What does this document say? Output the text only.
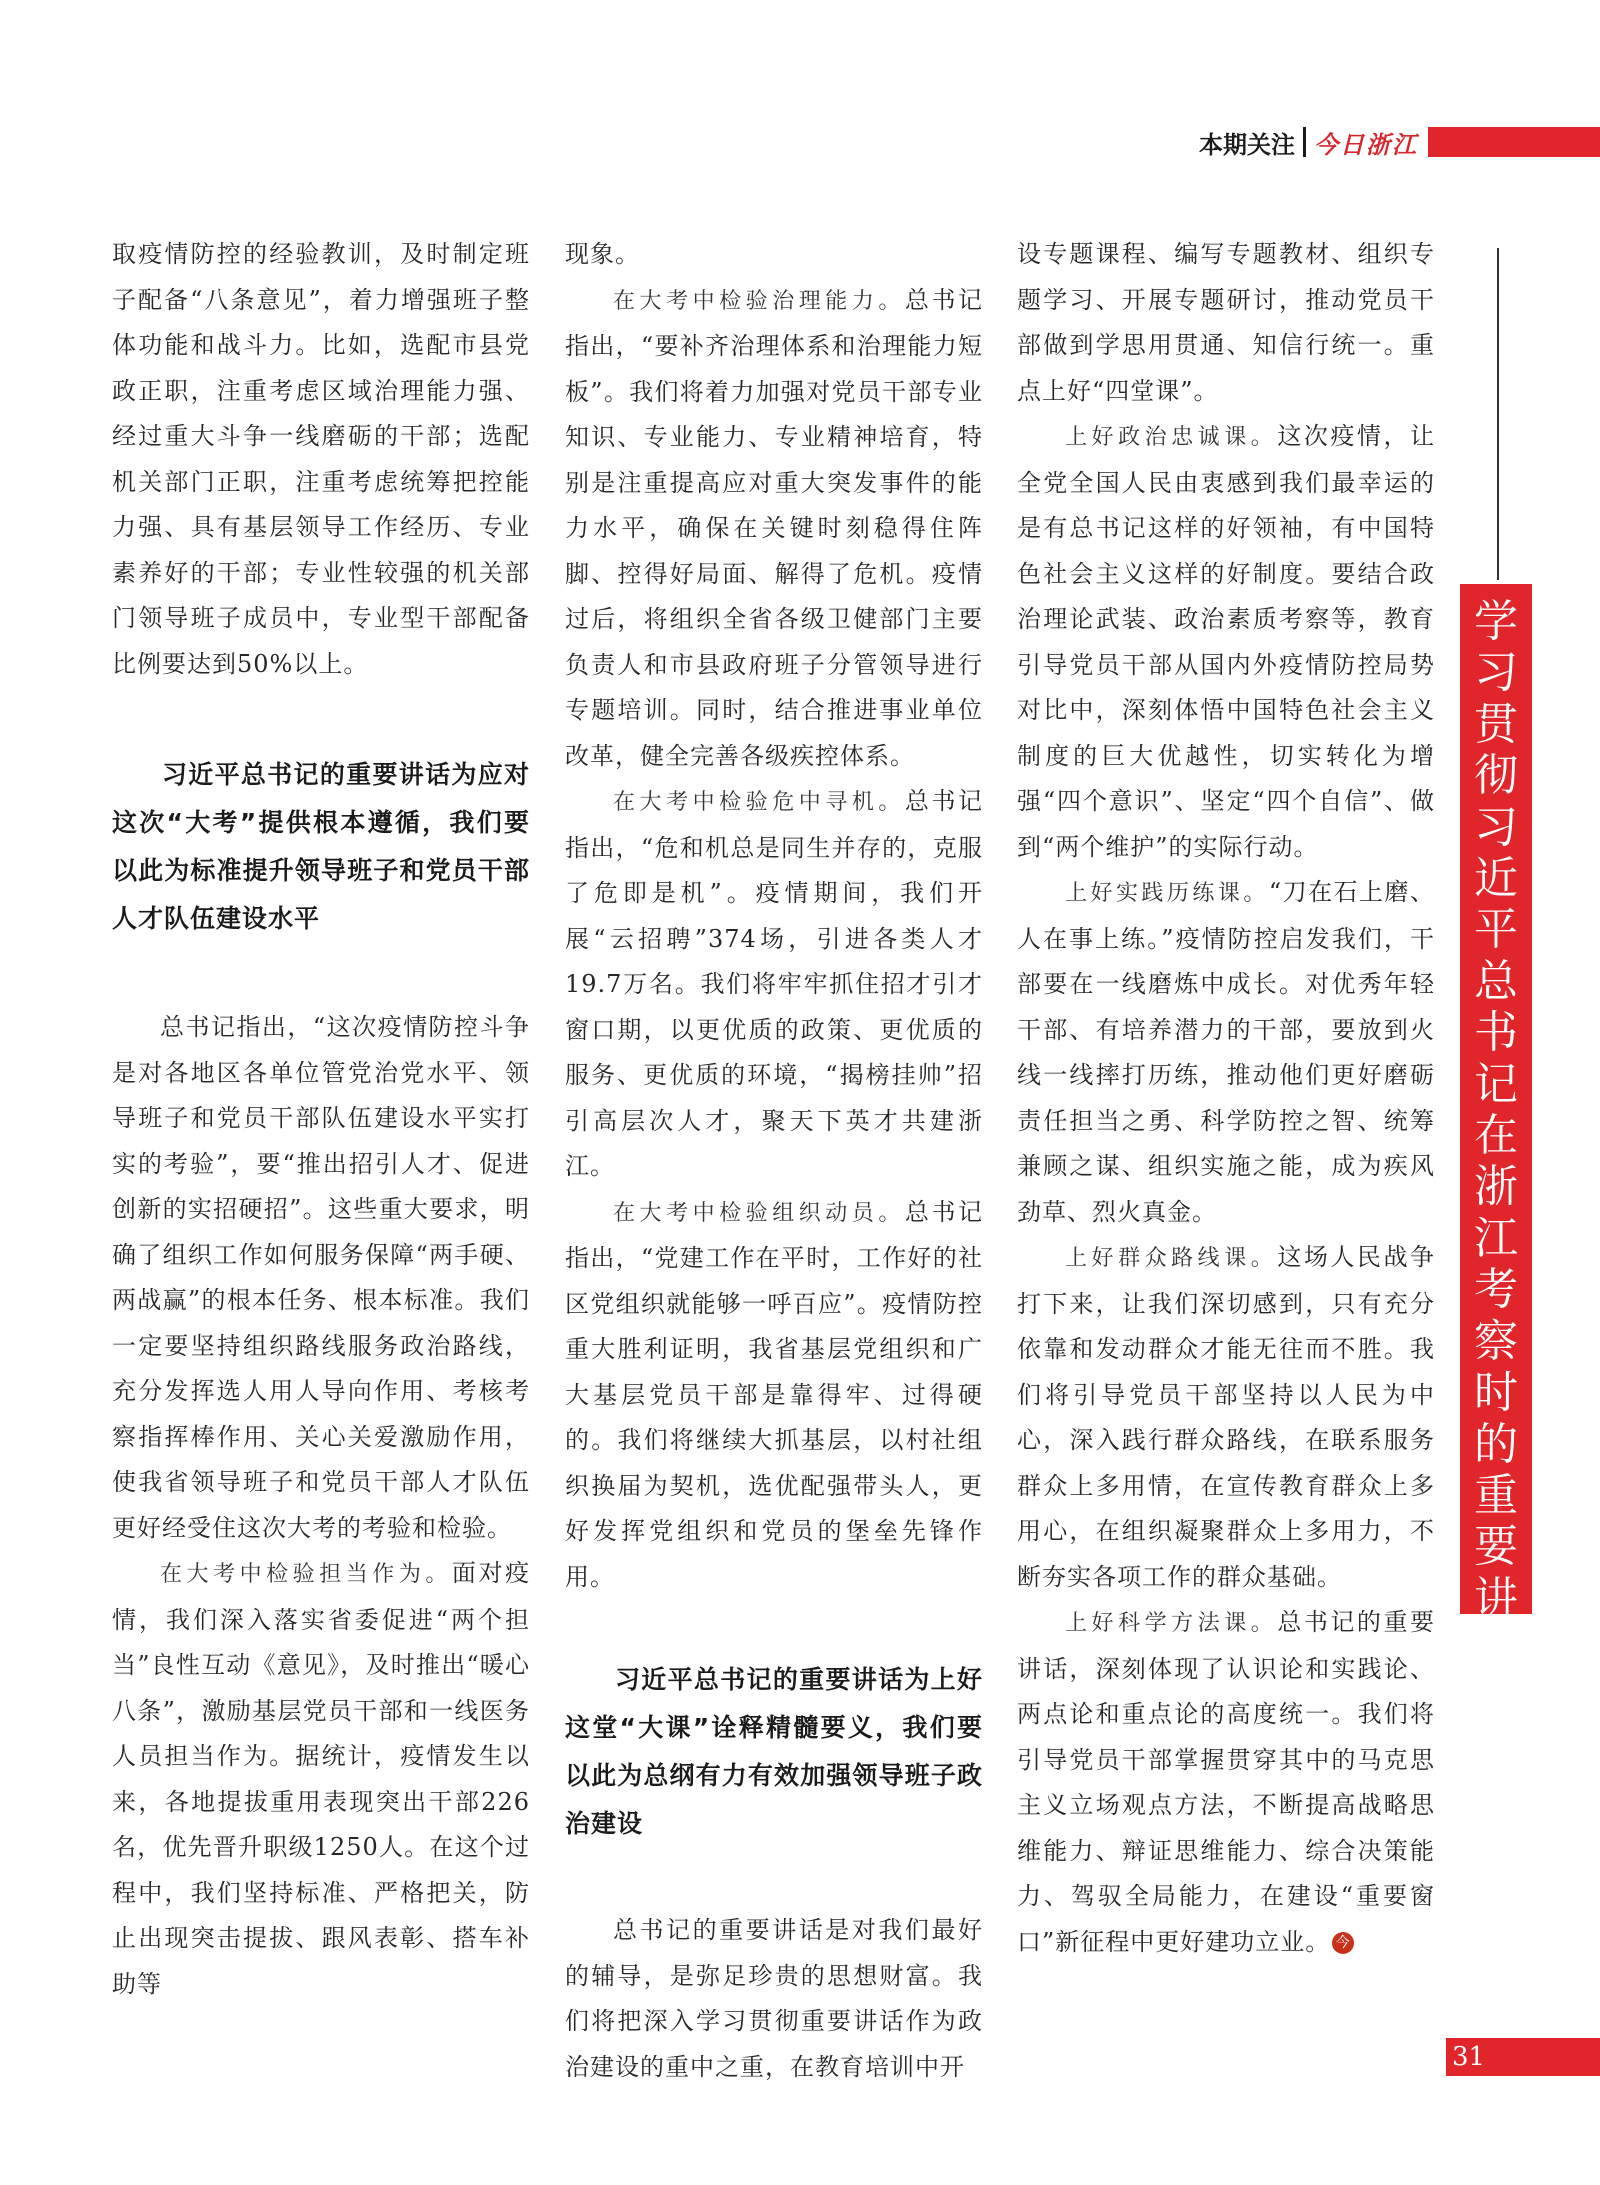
本期关注 今日浙江

取疫情防控的经验教训，及时制定班子配备“八条意见”，着力增强班子整体功能和战斗力。比如，选配市县党政正职，注重考虑区域治理能力强、经过重大斗争一线磨砺的干部；选配机关部门正职，注重考虑统筹把控能力强、具有基层领导工作经历、专业素养好的干部；专业性较强的机关部门领导班子成员中，专业型干部配备比例要达到50%以上。

习近平总书记的重要讲话为应对这次“大考”提供根本遵循，我们要以此为标准提升领导班子和党员干部人才队伍建设水平

总书记指出，“这次疫情防控斗争是对各地区各单位管党治党水平、领导班子和党员干部队伍建设水平实打实的考验”，要“推出招引人才、促进创新的实招硬招”。这些重大要求，明确了组织工作如何服务保障“两手硬、两战赢”的根本任务、根本标准。我们一定要坚持组织路线服务政治路线，充分发挥选人用人导向作用、考核考察指挥棒作用、关心关爱激励作用，使我省领导班子和党员干部人才队伍更好经受住这次大考的考验和检验。

在大考中检验担当作为。面对疫情，我们深入落实省委促进“两个担当”良性互动《意见》，及时推出“暖心八条”，激励基层党员干部和一线医务人员担当作为。据统计，疫情发生以来，各地提拔重用表现突出干部226名，优先晋升职级1250人。在这个过程中，我们坚持标准、严格把关，防止出现突击提拔、跟风表彰、搭车补助等

现象。

在大考中检验治理能力。总书记指出，“要补齐治理体系和治理能力短板”。我们将着力加强对党员干部专业知识、专业能力、专业精神培育，特别是注重提高应对重大突发事件的能力水平，确保在关键时刻稳得住阵脚、控得好局面、解得了危机。疫情过后，将组织全省各级卫健部门主要负责人和市县政府班子分管领导进行专题培训。同时，结合推进事业单位改革，健全完善各级疾控体系。

在大考中检验危中寻机。总书记指出，“危和机总是同生并存的，克服了危即是机”。疫情期间，我们开展“云招聘”374场，引进各类人才19.7万名。我们将牢牢抓住招才引才窗口期，以更优质的政策、更优质的服务、更优质的环境，“揭榜挂帅”招引高层次人才，聚天下英才共建浙江。

在大考中检验组织动员。总书记指出，“党建工作在平时，工作好的社区党组织就能够一呼百应”。疫情防控重大胜利证明，我省基层党组织和广大基层党员干部是靠得牢、过得硬的。我们将继续大抓基层，以村社组织换届为契机，选优配强带头人，更好发挥党组织和党员的堡垒先锋作用。

习近平总书记的重要讲话为上好这堂“大课”诠释精髓要义，我们要以此为总纲有力有效加强领导班子政治建设

总书记的重要讲话是对我们最好的辅导，是弥足珍贵的思想财富。我们将把深入学习贯彻重要讲话作为政治建设的重中之重，在教育培训中开

设专题课程、编写专题教材、组织专题学习、开展专题研讨，推动党员干部做到学思用贯通、知信行统一。重点上好“四堂课”。

上好政治忠诚课。这次疫情，让全党全国人民由衷感到我们最幸运的是有总书记这样的好领袖，有中国特色社会主义这样的好制度。要结合政治理论武装、政治素质考察等，教育引导党员干部从国内外疫情防控局势对比中，深刻体悟中国特色社会主义制度的巨大优越性，切实转化为增强“四个意识”、坚定“四个自信”、做到“两个维护”的实际行动。

上好实践历练课。“刀在石上磨、人在事上练。”疫情防控启发我们，干部要在一线磨炼中成长。对优秀年轻干部、有培养潜力的干部，要放到火线一线摔打历练，推动他们更好磨砺责任担当之勇、科学防控之智、统筹兼顾之谋、组织实施之能，成为疾风劲草、烈火真金。

上好群众路线课。这场人民战争打下来，让我们深切感到，只有充分依靠和发动群众才能无往而不胜。我们将引导党员干部坚持以人民为中心，深入践行群众路线，在联系服务群众上多用情，在宣传教育群众上多用心，在组织凝聚群众上多用力，不断夯实各项工作的群众基础。

上好科学方法课。总书记的重要讲话，深刻体现了认识论和实践论、两点论和重点论的高度统一。我们将引导党员干部掌握贯穿其中的马克思主义立场观点方法，不断提高战略思维能力、辩证思维能力、综合决策能力、驾驭全局能力，在建设“重要窗口”新征程中更好建功立业。 今

学习贯彻习近平总书记在浙江考察时的重要讲话精神
31
